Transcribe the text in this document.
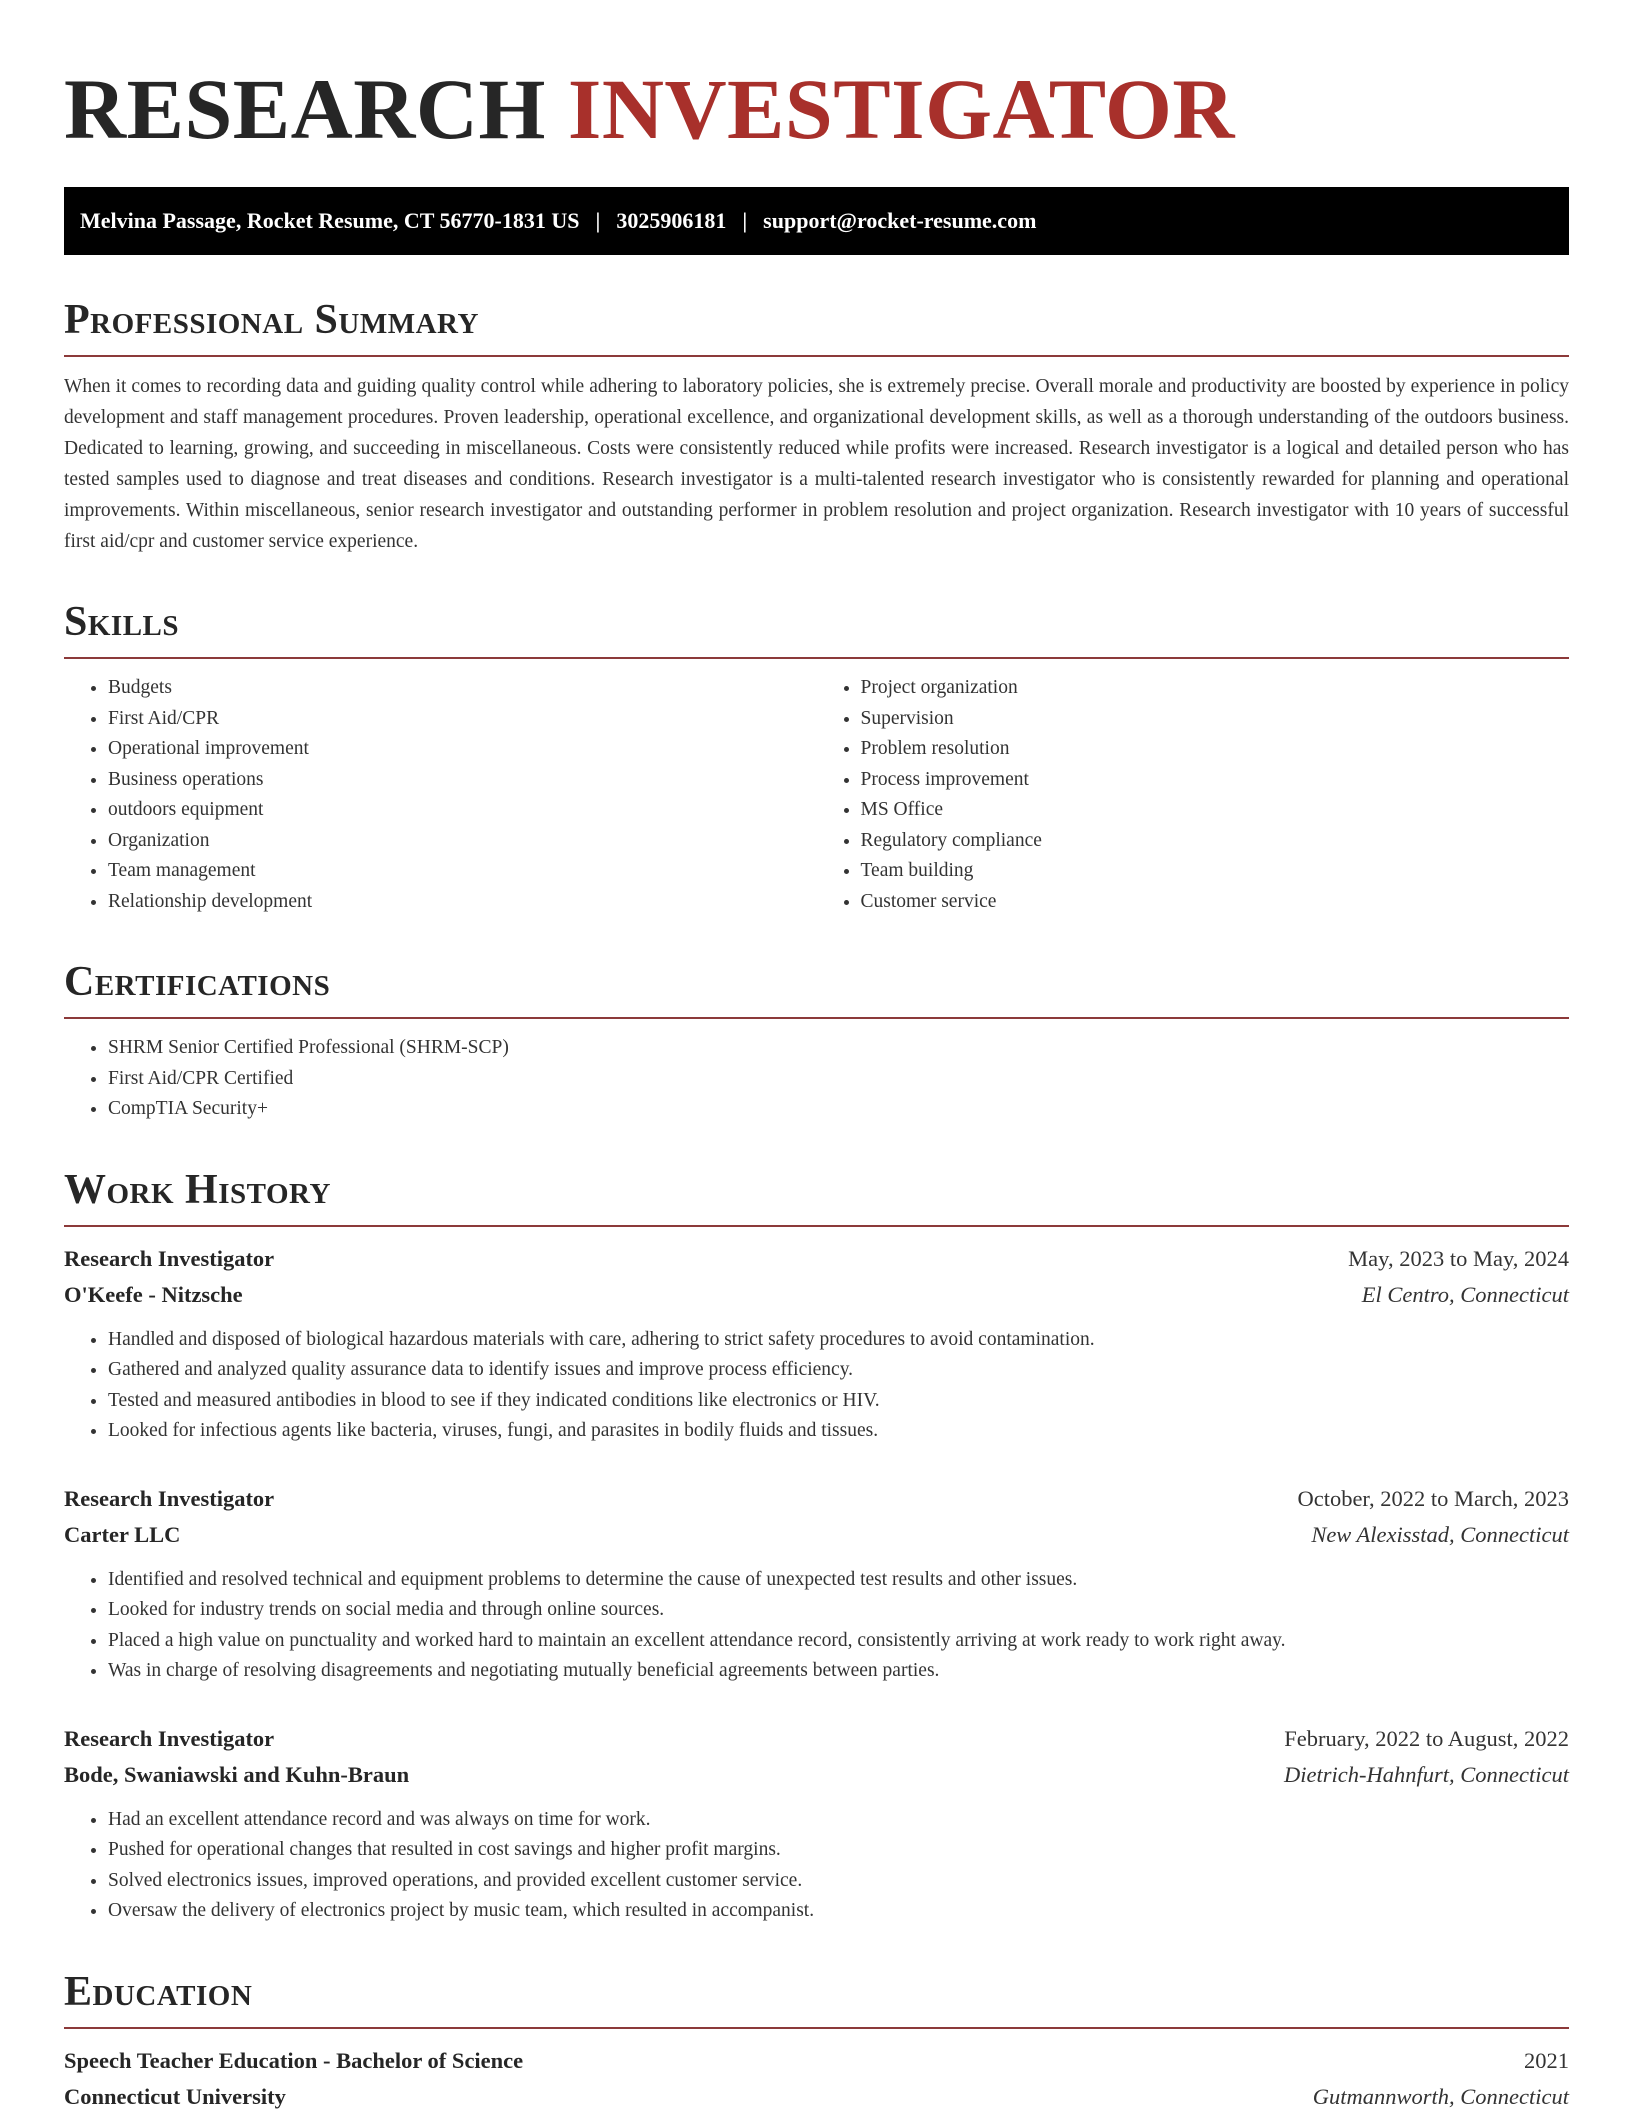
RESEARCH INVESTIGATOR
Melvina Passage, Rocket Resume, CT 56770-1831 US | 3025906181 | support@rocket-resume.com
Professional Summary

When it comes to recording data and guiding quality control while adhering to laboratory policies, she is extremely precise. Overall morale and productivity are boosted by experience in policy development and staff management procedures. Proven leadership, operational excellence, and organizational development skills, as well as a thorough understanding of the outdoors business. Dedicated to learning, growing, and succeeding in miscellaneous. Costs were consistently reduced while profits were increased. Research investigator is a logical and detailed person who has tested samples used to diagnose and treat diseases and conditions. Research investigator is a multi-talented research investigator who is consistently rewarded for planning and operational improvements. Within miscellaneous, senior research investigator and outstanding performer in problem resolution and project organization. Research investigator with 10 years of successful first aid/cpr and customer service experience.

Skills
• Budgets
• First Aid/CPR
• Operational improvement
• Business operations
• outdoors equipment
• Organization
• Team management
• Relationship development
• Project organization
• Supervision
• Problem resolution
• Process improvement
• MS Office
• Regulatory compliance
• Team building
• Customer service
Certifications
• SHRM Senior Certified Professional (SHRM-SCP)
• First Aid/CPR Certified
• CompTIA Security+
Work History
Research Investigator	May, 2023 to May, 2024
O'Keefe - Nitzsche	El Centro, Connecticut
• Handled and disposed of biological hazardous materials with care, adhering to strict safety procedures to avoid contamination.
• Gathered and analyzed quality assurance data to identify issues and improve process efficiency.
• Tested and measured antibodies in blood to see if they indicated conditions like electronics or HIV.
• Looked for infectious agents like bacteria, viruses, fungi, and parasites in bodily fluids and tissues.
Research Investigator	October, 2022 to March, 2023
Carter LLC	New Alexisstad, Connecticut
• Identified and resolved technical and equipment problems to determine the cause of unexpected test results and other issues.
• Looked for industry trends on social media and through online sources.
• Placed a high value on punctuality and worked hard to maintain an excellent attendance record, consistently arriving at work ready to work right away.
• Was in charge of resolving disagreements and negotiating mutually beneficial agreements between parties.
Research Investigator	February, 2022 to August, 2022
Bode, Swaniawski and Kuhn-Braun	Dietrich-Hahnfurt, Connecticut
• Had an excellent attendance record and was always on time for work.
• Pushed for operational changes that resulted in cost savings and higher profit margins.
• Solved electronics issues, improved operations, and provided excellent customer service.
• Oversaw the delivery of electronics project by music team, which resulted in accompanist.
Education
Speech Teacher Education - Bachelor of Science	2021
Connecticut University	Gutmannworth, Connecticut
